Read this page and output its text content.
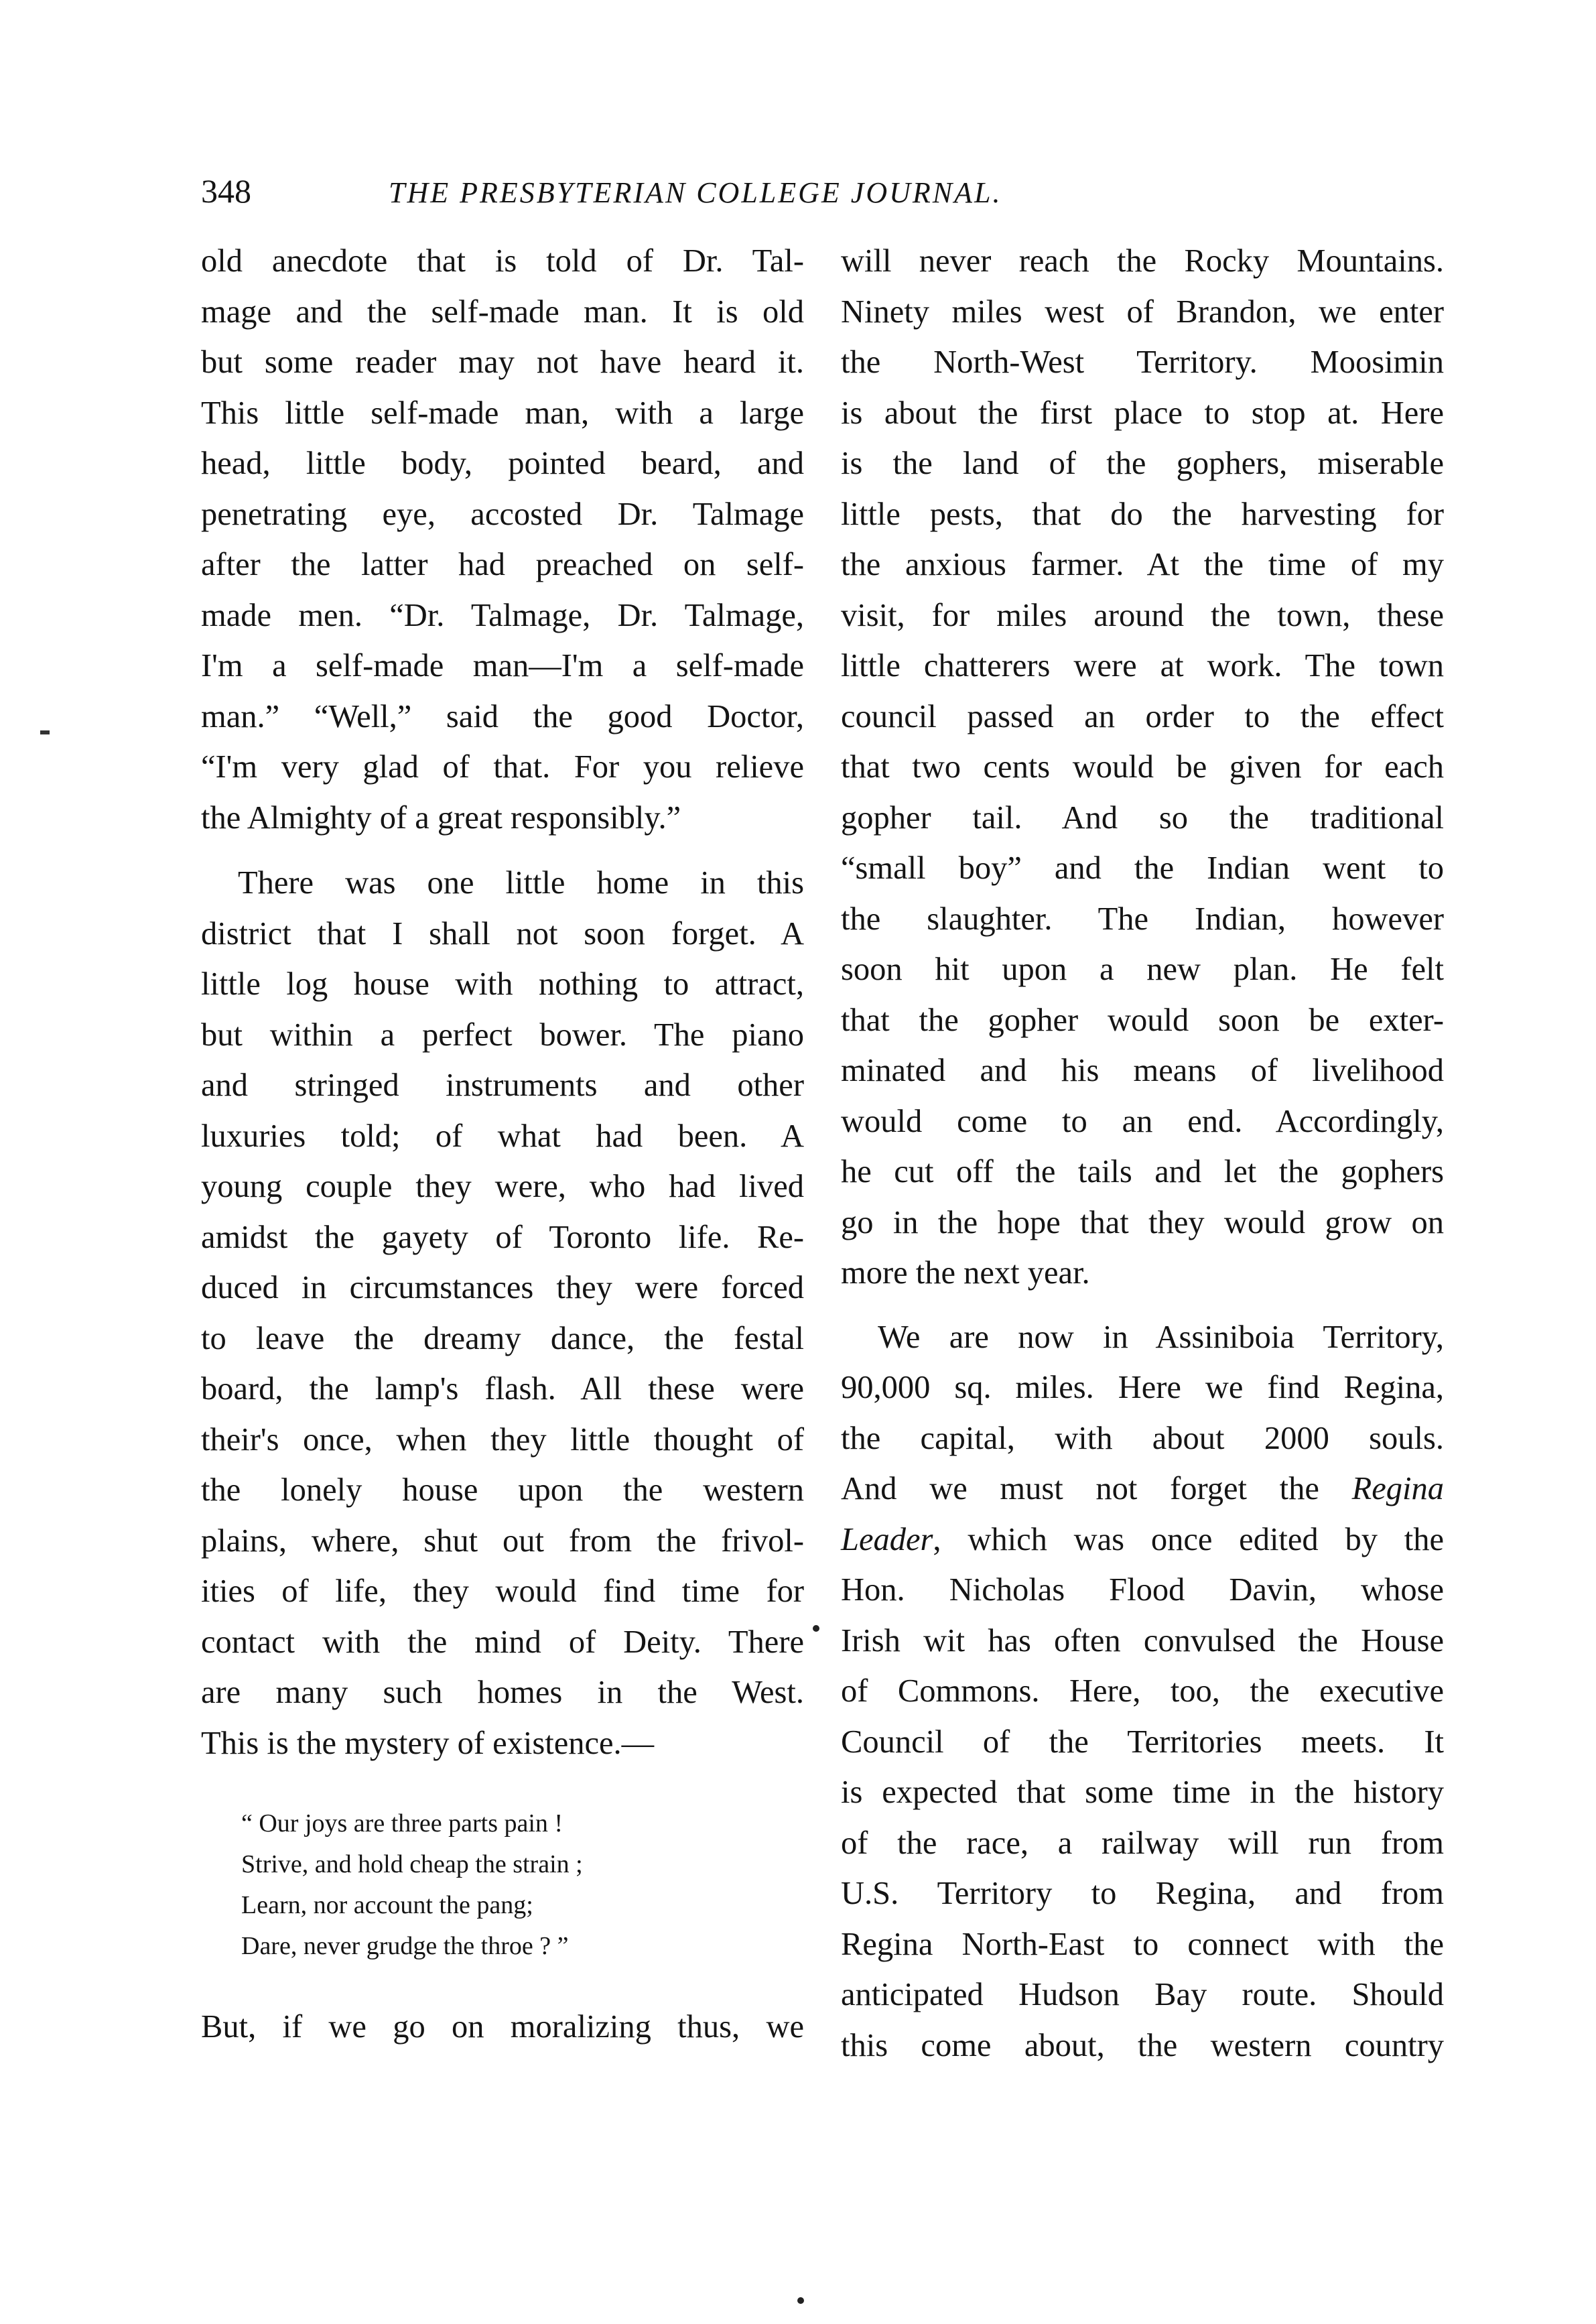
348	THE PRESBYTERIAN COLLEGE JOURNAL.
old anecdote that is told of Dr. Tal-
mage and the self-made man. It is old
but some reader may not have heard it.
This little self-made man, with a large
head, little body, pointed beard, and
penetrating eye, accosted Dr. Talmage
after the latter had preached on self-
made men. “Dr. Talmage, Dr. Talmage,
I'm a self-made man—I'm a self-made
man.” “Well,” said the good Doctor,
“I'm very glad of that. For you relieve
the Almighty of a great responsibly.”
There was one little home in this
district that I shall not soon forget. A
little log house with nothing to attract,
but within a perfect bower. The piano
and stringed instruments and other
luxuries told; of what had been. A
young couple they were, who had lived
amidst the gayety of Toronto life. Re-
duced in circumstances they were forced
to leave the dreamy dance, the festal
board, the lamp's flash. All these were
their's once, when they little thought of
the lonely house upon the western
plains, where, shut out from the frivol-
ities of life, they would find time for
contact with the mind of Deity. There
are many such homes in the West.
This is the mystery of existence.—
“ Our joys are three parts pain !
Strive, and hold cheap the strain ;
Learn, nor account the pang;
Dare, never grudge the throe ? ”
But, if we go on moralizing thus, we
will never reach the Rocky Mountains.
Ninety miles west of Brandon, we enter
the North-West Territory. Moosimin
is about the first place to stop at. Here
is the land of the gophers, miserable
little pests, that do the harvesting for
the anxious farmer. At the time of my
visit, for miles around the town, these
little chatterers were at work. The town
council passed an order to the effect
that two cents would be given for each
gopher tail. And so the traditional
“small boy” and the Indian went to
the slaughter. The Indian, however
soon hit upon a new plan. He felt
that the gopher would soon be exter-
minated and his means of livelihood
would come to an end. Accordingly,
he cut off the tails and let the gophers
go in the hope that they would grow on
more the next year.
We are now in Assiniboia Territory,
90,000 sq. miles. Here we find Regina,
the capital, with about 2000 souls.
And we must not forget the Regina
Leader, which was once edited by the
Hon. Nicholas Flood Davin, whose
Irish wit has often convulsed the House
of Commons. Here, too, the executive
Council of the Territories meets. It
is expected that some time in the history
of the race, a railway will run from
U.S. Territory to Regina, and from
Regina North-East to connect with the
anticipated Hudson Bay route. Should
this come about, the western country
